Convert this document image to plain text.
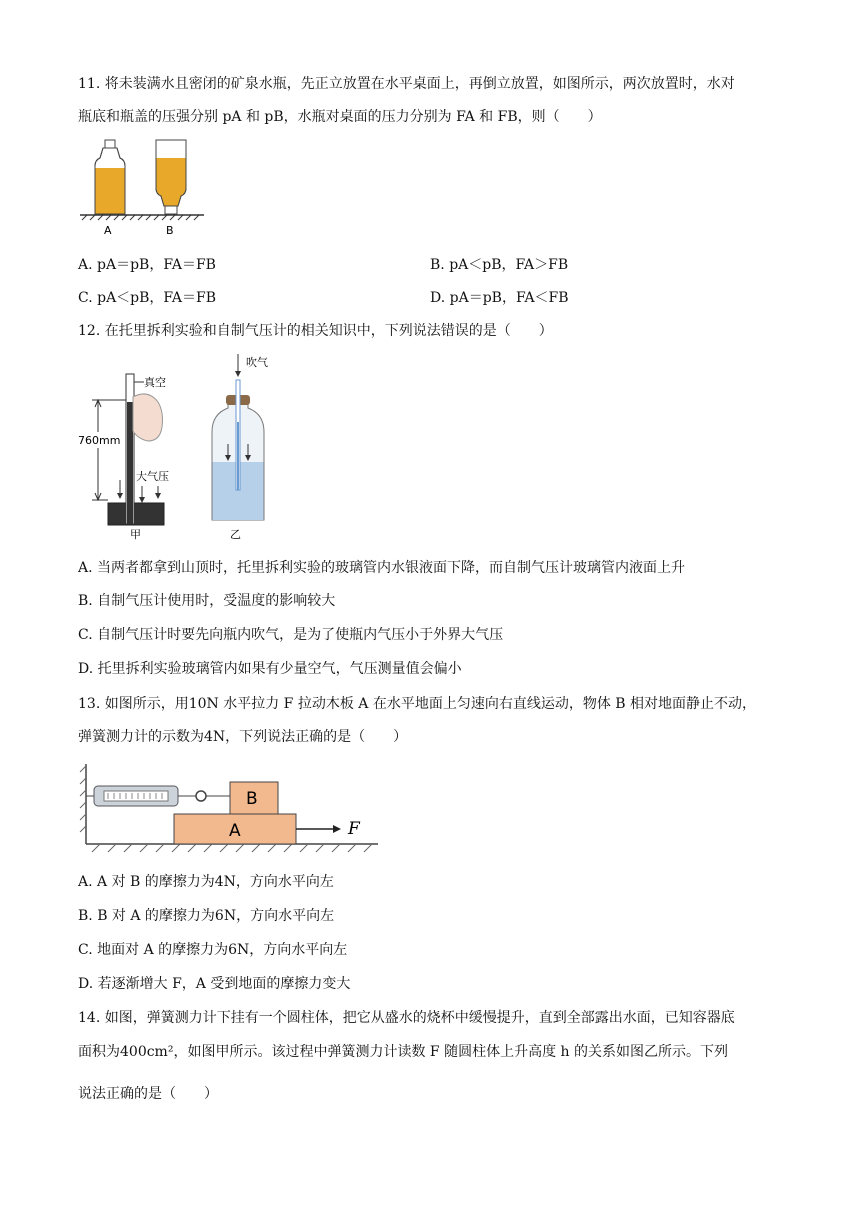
11. 将未装满水且密闭的矿泉水瓶，先正立放置在水平桌面上，再倒立放置，如图所示，两次放置时，水对
瓶底和瓶盖的压强分别 pA 和 pB，水瓶对桌面的压力分别为 FA 和 FB，则（　　）
A	B
A. pA＝pB，FA＝FB	B. pA＜pB，FA＞FB
C. pA＜pB，FA＝FB	D. pA＝pB，FA＜FB
12. 在托里拆利实验和自制气压计的相关知识中，下列说法错误的是（　　）
真空
760mm
大气压
甲
吹气
乙
A. 当两者都拿到山顶时，托里拆利实验的玻璃管内水银液面下降，而自制气压计玻璃管内液面上升
B. 自制气压计使用时，受温度的影响较大
C. 自制气压计时要先向瓶内吹气，是为了使瓶内气压小于外界大气压
D. 托里拆利实验玻璃管内如果有少量空气，气压测量值会偏小
13. 如图所示，用10N 水平拉力 F 拉动木板 A 在水平地面上匀速向右直线运动，物体 B 相对地面静止不动，
弹簧测力计的示数为4N，下列说法正确的是（　　）
B
A	F
A. A 对 B 的摩擦力为4N，方向水平向左
B. B 对 A 的摩擦力为6N，方向水平向左
C. 地面对 A 的摩擦力为6N，方向水平向左
D. 若逐渐增大 F，A 受到地面的摩擦力变大
14. 如图，弹簧测力计下挂有一个圆柱体，把它从盛水的烧杯中缓慢提升，直到全部露出水面，已知容器底
面积为400cm²，如图甲所示。该过程中弹簧测力计读数 F 随圆柱体上升高度 h 的关系如图乙所示。下列
说法正确的是（　　）
